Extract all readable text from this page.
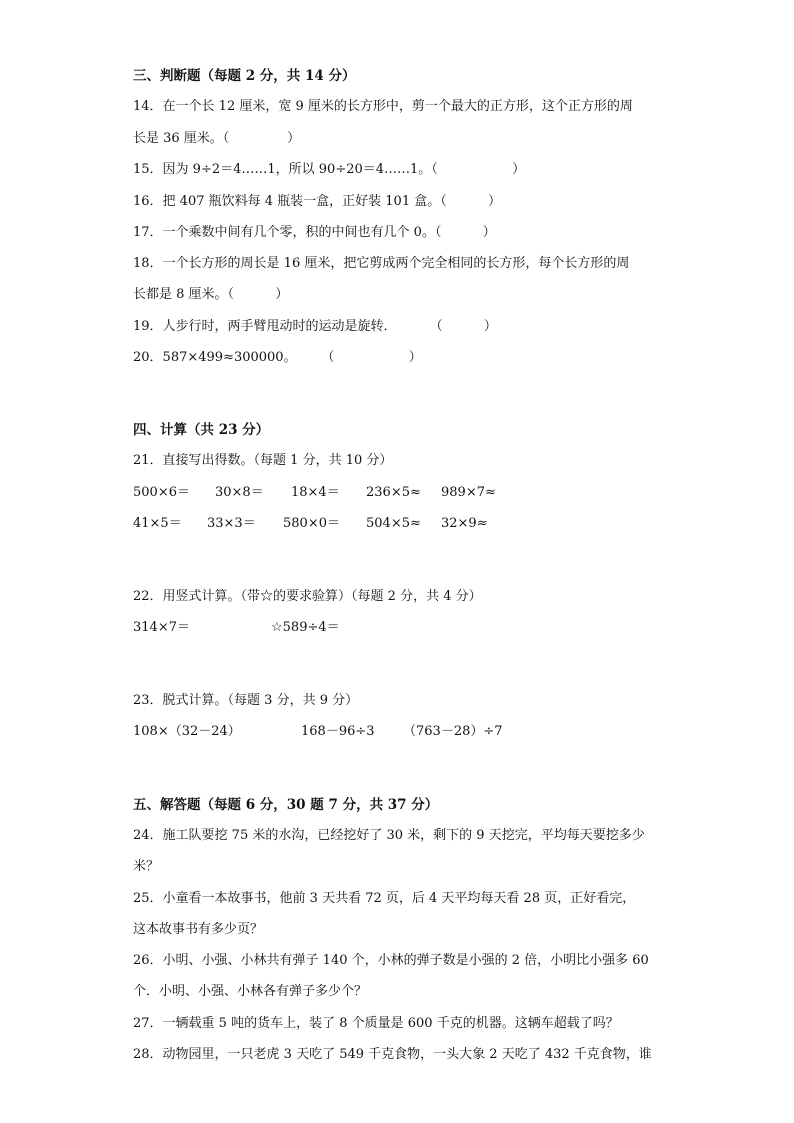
三、判断题（每题 2 分，共 14 分）
14．在一个长 12 厘米，宽 9 厘米的长方形中，剪一个最大的正方形，这个正方形的周
长是 36 厘米。（              ）
15．因为 9÷2＝4……1，所以 90÷20＝4……1。（                  ）
16．把 407 瓶饮料每 4 瓶装一盒，正好装 101 盒。（          ）
17．一个乘数中间有几个零，积的中间也有几个 0。（          ）
18．一个长方形的周长是 16 厘米，把它剪成两个完全相同的长方形，每个长方形的周
长都是 8 厘米。（          ）
19．人步行时，两手臂甩动时的运动是旋转．        （          ）
20．587×499≈300000。      （                  ）
四、计算（共 23 分）
21．直接写出得数。（每题 1 分，共 10 分）
500×6＝ 30×8＝ 18×4＝ 236×5≈ 989×7≈
41×5＝ 33×3＝ 580×0＝ 504×5≈ 32×9≈
22．用竖式计算。（带☆的要求验算）（每题 2 分，共 4 分）
314×7＝	☆589÷4＝
23．脱式计算。（每题 3 分，共 9 分）
108×（32－24）	168－96÷3 （763－28）÷7
五、解答题（每题 6 分，30 题 7 分，共 37 分）
24．施工队要挖 75 米的水沟，已经挖好了 30 米，剩下的 9 天挖完，平均每天要挖多少
米？
25．小童看一本故事书，他前 3 天共看 72 页，后 4 天平均每天看 28 页，正好看完，
这本故事书有多少页？
26．小明、小强、小林共有弹子 140 个，小林的弹子数是小强的 2 倍，小明比小强多 60
个．小明、小强、小林各有弹子多少个？
27．一辆载重 5 吨的货车上，装了 8 个质量是 600 千克的机器。这辆车超载了吗？
28．动物园里，一只老虎 3 天吃了 549 千克食物，一头大象 2 天吃了 432 千克食物，谁
